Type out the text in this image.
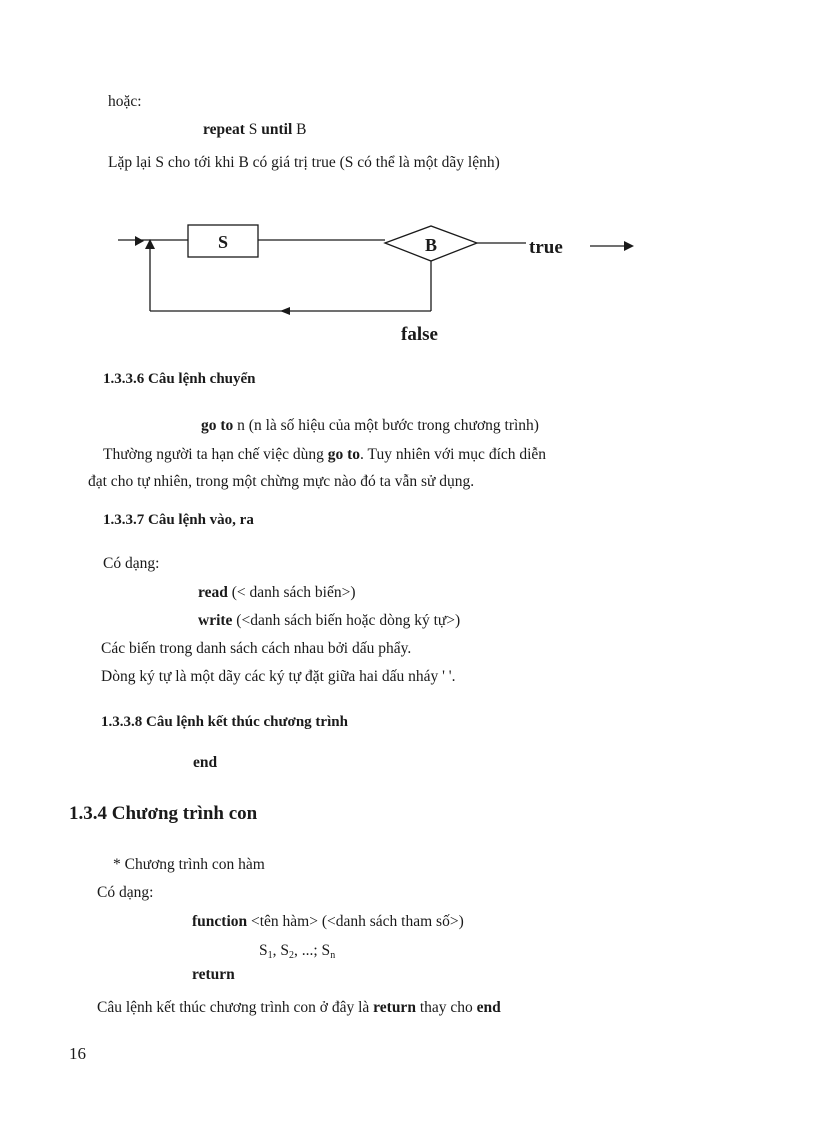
hoặc:
repeat S until B
Lặp lại S cho tới khi B có giá trị true (S có thể là một dãy lệnh)
S	B	true
false
1.3.3.6 Câu lệnh chuyển
go to n (n là số hiệu của một bước trong chương trình)
Thường người ta hạn chế việc dùng go to. Tuy nhiên với mục đích diễn
đạt cho tự nhiên, trong một chừng mực nào đó ta vẫn sử dụng.
1.3.3.7 Câu lệnh vào, ra
Có dạng:
read (< danh sách biến>)
write (<danh sách biến hoặc dòng ký tự>)
Các biến trong danh sách cách nhau bởi dấu phẩy.
Dòng ký tự là một dãy các ký tự đặt giữa hai dấu nháy ' '.
1.3.3.8 Câu lệnh kết thúc chương trình
end
1.3.4 Chương trình con
* Chương trình con hàm
Có dạng:
function <tên hàm> (<danh sách tham số>)
$S_1$, $S_2$, ...; $S_n$
return
Câu lệnh kết thúc chương trình con ở đây là return thay cho end
16
